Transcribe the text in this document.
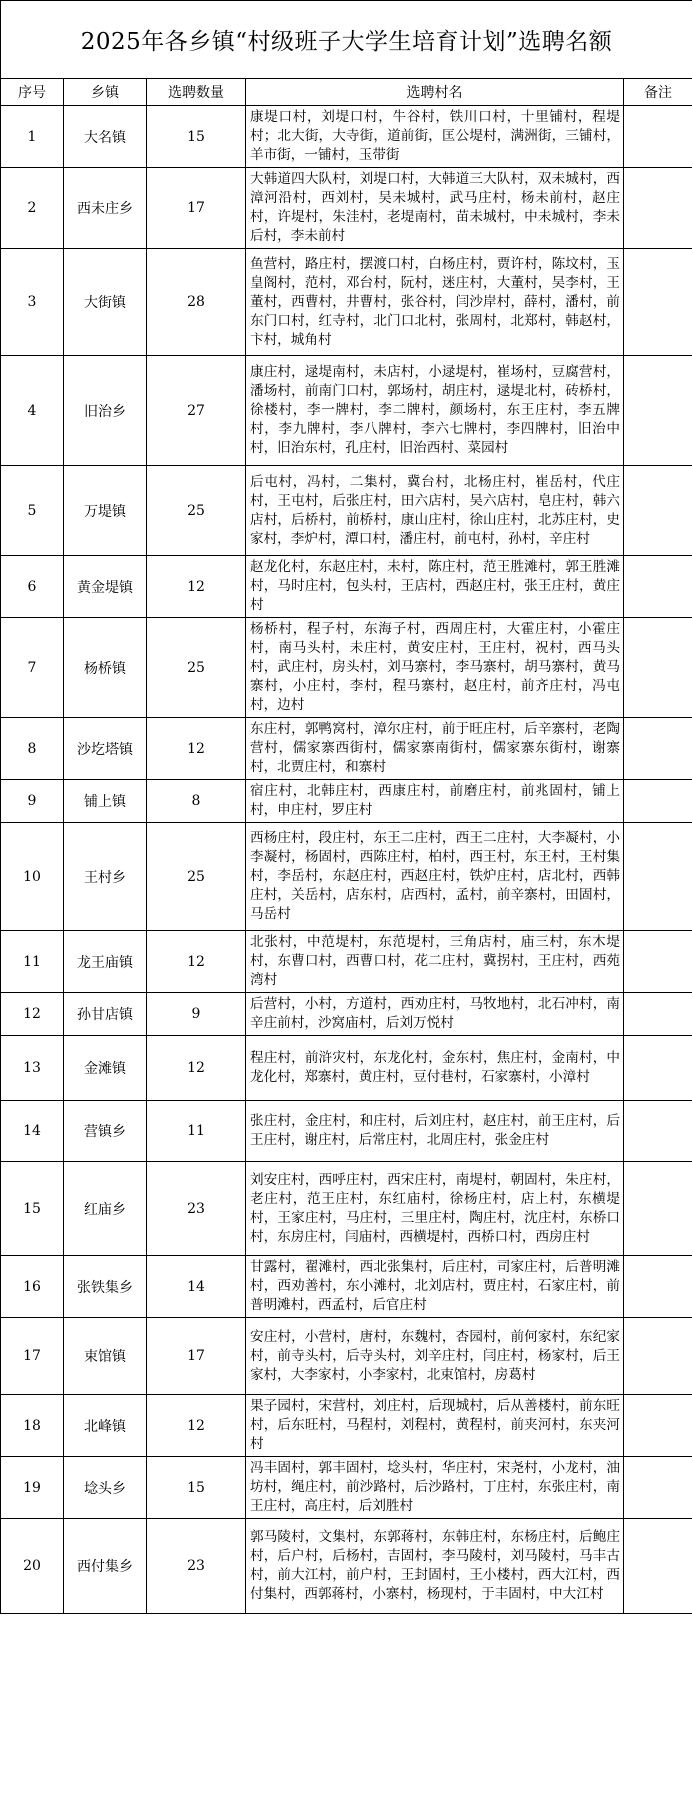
2025年各乡镇“村级班子大学生培育计划”选聘名额				
序号	乡镇	选聘数量	选聘村名	备注
1	大名镇	15	康堤口村，刘堤口村，牛谷村，铁川口村，十里铺村，程堤村；北大街，大寺街，道前街，匡公堤村，满洲街，三铺村，羊市街，一铺村，玉带街	
2	西未庄乡	17	大韩道四大队村，刘堤口村，大韩道三大队村，双未城村，西漳河沿村，西刘村，吴未城村，武马庄村，杨未前村，赵庄村，许堤村，朱洼村，老堤南村，苗未城村，中未城村，李未后村，李未前村	
3	大街镇	28	鱼营村，路庄村，摆渡口村，白杨庄村，贾许村，陈坟村，玉皇阁村，范村，邓台村，阮村，迷庄村，大董村，吴李村，王董村，西曹村，井曹村，张谷村，闫沙岸村，薛村，潘村，前东门口村，红寺村，北门口北村，张周村，北郑村，韩赵村，卞村，城角村	
4	旧治乡	27	康庄村，逯堤南村，未店村，小逯堤村，崔场村，豆腐营村，潘场村，前南门口村，郭场村，胡庄村，逯堤北村，砖桥村，徐楼村，李一牌村，李二牌村，颜场村，东王庄村，李五牌村，李九牌村，李八牌村，李六七牌村，李四牌村，旧治中村，旧治东村，孔庄村，旧治西村、菜园村	
5	万堤镇	25	后屯村，冯村，二集村，冀台村，北杨庄村，崔岳村，代庄村，王屯村，后张庄村，田六店村，吴六店村，皂庄村，韩六店村，后桥村，前桥村，康山庄村，徐山庄村，北苏庄村，史家村，李炉村，潭口村，潘庄村，前屯村，孙村，辛庄村	
6	黄金堤镇	12	赵龙化村，东赵庄村，未村，陈庄村，范王胜滩村，郭王胜滩村，马时庄村，包头村，王店村，西赵庄村，张王庄村，黄庄村	
7	杨桥镇	25	杨桥村，程子村，东海子村，西周庄村，大霍庄村，小霍庄村，南马头村，未庄村，黄安庄村，王庄村，祝村，西马头村，武庄村，房头村，刘马寨村，李马寨村，胡马寨村，黄马寨村，小庄村，李村，程马寨村，赵庄村，前齐庄村，冯屯村，边村	
8	沙圪塔镇	12	东庄村，郭鸭窝村，漳尔庄村，前于旺庄村，后辛寨村，老陶营村，儒家寨西街村，儒家寨南街村，儒家寨东街村，谢寨村，北贾庄村，和寨村	
9	铺上镇	8	宿庄村，北韩庄村，西康庄村，前磨庄村，前兆固村，铺上村，申庄村，罗庄村	
10	王村乡	25	西杨庄村，段庄村，东王二庄村，西王二庄村，大李凝村，小李凝村，杨固村，西陈庄村，柏村，西王村，东王村，王村集村，李岳村，东赵庄村，西赵庄村，铁炉庄村，店北村，西韩庄村，关岳村，店东村，店西村，孟村，前辛寨村，田固村，马岳村	
11	龙王庙镇	12	北张村，中范堤村，东范堤村，三角店村，庙三村，东木堤村，东曹口村，西曹口村，花二庄村，冀拐村，王庄村，西苑湾村	
12	孙甘店镇	9	后营村，小村，方道村，西劝庄村，马牧地村，北石冲村，南辛庄前村，沙窝庙村，后刘万悦村	
13	金滩镇	12	程庄村，前浒灾村，东龙化村，金东村，焦庄村，金南村，中龙化村，郑寨村，黄庄村，豆付巷村，石家寨村，小漳村	
14	营镇乡	11	张庄村，金庄村，和庄村，后刘庄村，赵庄村，前王庄村，后王庄村，谢庄村，后常庄村，北周庄村，张金庄村	
15	红庙乡	23	刘安庄村，西呼庄村，西宋庄村，南堤村，朝固村，朱庄村，老庄村，范王庄村，东红庙村，徐杨庄村，店上村，东横堤村，王家庄村，马庄村，三里庄村，陶庄村，沈庄村，东桥口村，东房庄村，闫庙村，西横堤村，西桥口村，西房庄村	
16	张铁集乡	14	甘露村，翟滩村，西北张集村，后庄村，司家庄村，后普明滩村，西劝善村，东小滩村，北刘店村，贾庄村，石家庄村，前普明滩村，西孟村，后官庄村	
17	束馆镇	17	安庄村，小营村，唐村，东魏村，杏园村，前何家村，东纪家村，前寺头村，后寺头村，刘辛庄村，闫庄村，杨家村，后王家村，大李家村，小李家村，北束馆村，房葛村	
18	北峰镇	12	果子园村，宋营村，刘庄村，后现城村，后从善楼村，前东旺村，后东旺村，马程村，刘程村，黄程村，前夹河村，东夹河村	
19	埝头乡	15	冯丰固村，郭丰固村，埝头村，华庄村，宋尧村，小龙村，油坊村，绳庄村，前沙路村，后沙路村，丁庄村，东张庄村，南王庄村，高庄村，后刘胜村	
20	西付集乡	23	郭马陵村，文集村，东郭蒋村，东韩庄村，东杨庄村，后鲍庄村，后户村，后杨村，吉固村，李马陵村，刘马陵村，马丰古村，前大江村，前户村，王封固村，王小楼村，西大江村，西付集村，西郭蒋村，小寨村，杨现村，于丰固村，中大江村	
